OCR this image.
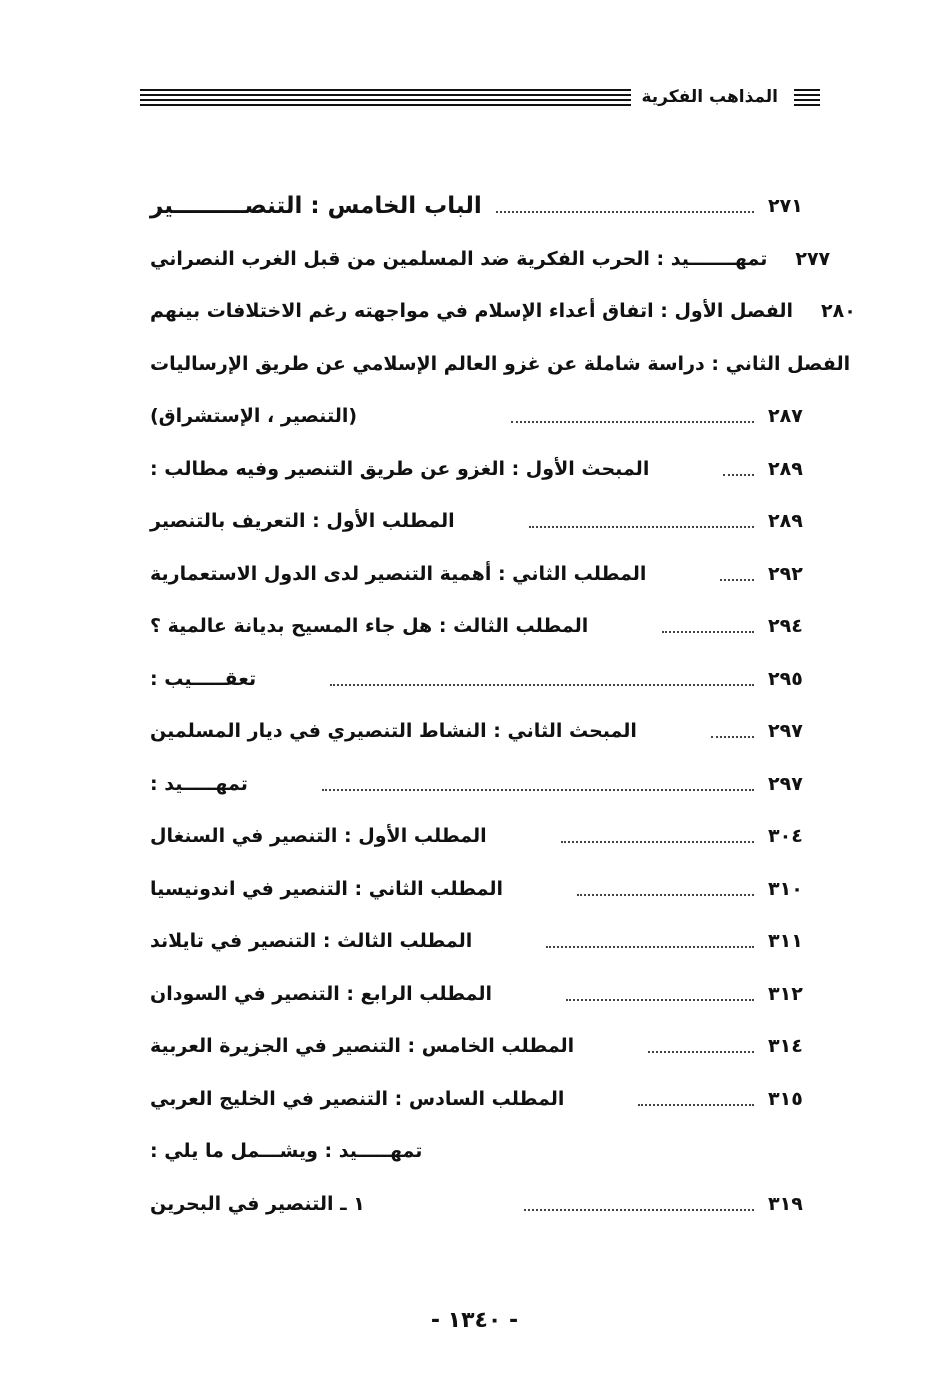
المذاهب الفكرية
الباب الخامس : التنصـــــــــير	٢٧١
تمهـــــــيد : الحرب الفكرية ضد المسلمين من قبل الغرب النصراني ٢٧٧
الفصل الأول : اتفاق أعداء الإسلام في مواجهته رغم الاختلافات بينهم ٢٨٠
الفصل الثاني : دراسة شاملة عن غزو العالم الإسلامي عن طريق الإرساليات
(التنصير ، الإستشراق)	٢٨٧
المبحث الأول : الغزو عن طريق التنصير وفيه مطالب :	٢٨٩
المطلب الأول : التعريف بالتنصير	٢٨٩
المطلب الثاني : أهمية التنصير لدى الدول الاستعمارية	٢٩٢
المطلب الثالث : هل جاء المسيح بديانة عالمية ؟	٢٩٤
تعقـــــيب :	٢٩٥
المبحث الثاني : النشاط التنصيري في ديار المسلمين	٢٩٧
تمهـــــيد :	٢٩٧
المطلب الأول : التنصير في السنغال	٣٠٤
المطلب الثاني : التنصير في اندونيسيا	٣١٠
المطلب الثالث : التنصير في تايلاند	٣١١
المطلب الرابع : التنصير في السودان	٣١٢
المطلب الخامس : التنصير في الجزيرة العربية	٣١٤
المطلب السادس : التنصير في الخليج العربي	٣١٥
تمهـــــيد : ويشـــمل ما يلي :
١ ـ التنصير في البحرين	٣١٩
- ١٣٤٠ -
